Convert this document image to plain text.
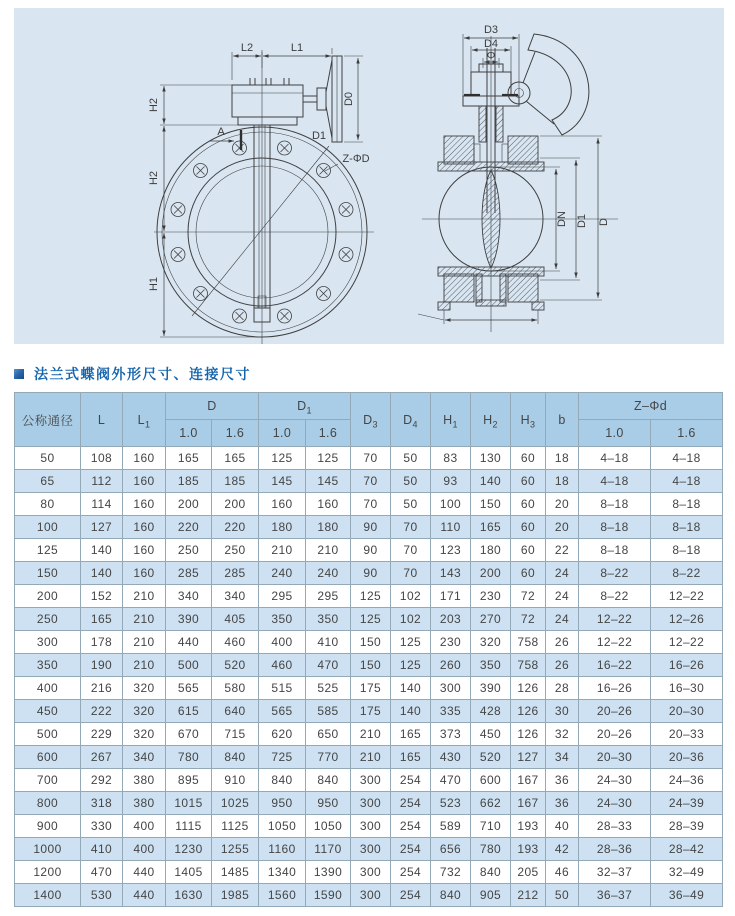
D0
L2	L1
H2
H2
H1
A	D1
Z-ΦD
D3
D4
Φ
DN D1 D
法兰式蝶阀外形尺寸、连接尺寸
公称通径	L	$L_1$	D		$D_1$		$D_3$	$D_4$	$H_1$	$H_2$	$H_3$	b	Z–Φd	
			1.0	1.6	1.0	1.6							1.0	1.6
50	108	160	165	165	125	125	70	50	83	130	60	18	4–18	4–18
65	112	160	185	185	145	145	70	50	93	140	60	18	4–18	4–18
80	114	160	200	200	160	160	70	50	100	150	60	20	8–18	8–18
100	127	160	220	220	180	180	90	70	110	165	60	20	8–18	8–18
125	140	160	250	250	210	210	90	70	123	180	60	22	8–18	8–18
150	140	160	285	285	240	240	90	70	143	200	60	24	8–22	8–22
200	152	210	340	340	295	295	125	102	171	230	72	24	8–22	12–22
250	165	210	390	405	350	350	125	102	203	270	72	24	12–22	12–26
300	178	210	440	460	400	410	150	125	230	320	758	26	12–22	12–22
350	190	210	500	520	460	470	150	125	260	350	758	26	16–22	16–26
400	216	320	565	580	515	525	175	140	300	390	126	28	16–26	16–30
450	222	320	615	640	565	585	175	140	335	428	126	30	20–26	20–30
500	229	320	670	715	620	650	210	165	373	450	126	32	20–26	20–33
600	267	340	780	840	725	770	210	165	430	520	127	34	20–30	20–36
700	292	380	895	910	840	840	300	254	470	600	167	36	24–30	24–36
800	318	380	1015	1025	950	950	300	254	523	662	167	36	24–30	24–39
900	330	400	1115	1125	1050	1050	300	254	589	710	193	40	28–33	28–39
1000	410	400	1230	1255	1160	1170	300	254	656	780	193	42	28–36	28–42
1200	470	440	1405	1485	1340	1390	300	254	732	840	205	46	32–37	32–49
1400	530	440	1630	1985	1560	1590	300	254	840	905	212	50	36–37	36–49
